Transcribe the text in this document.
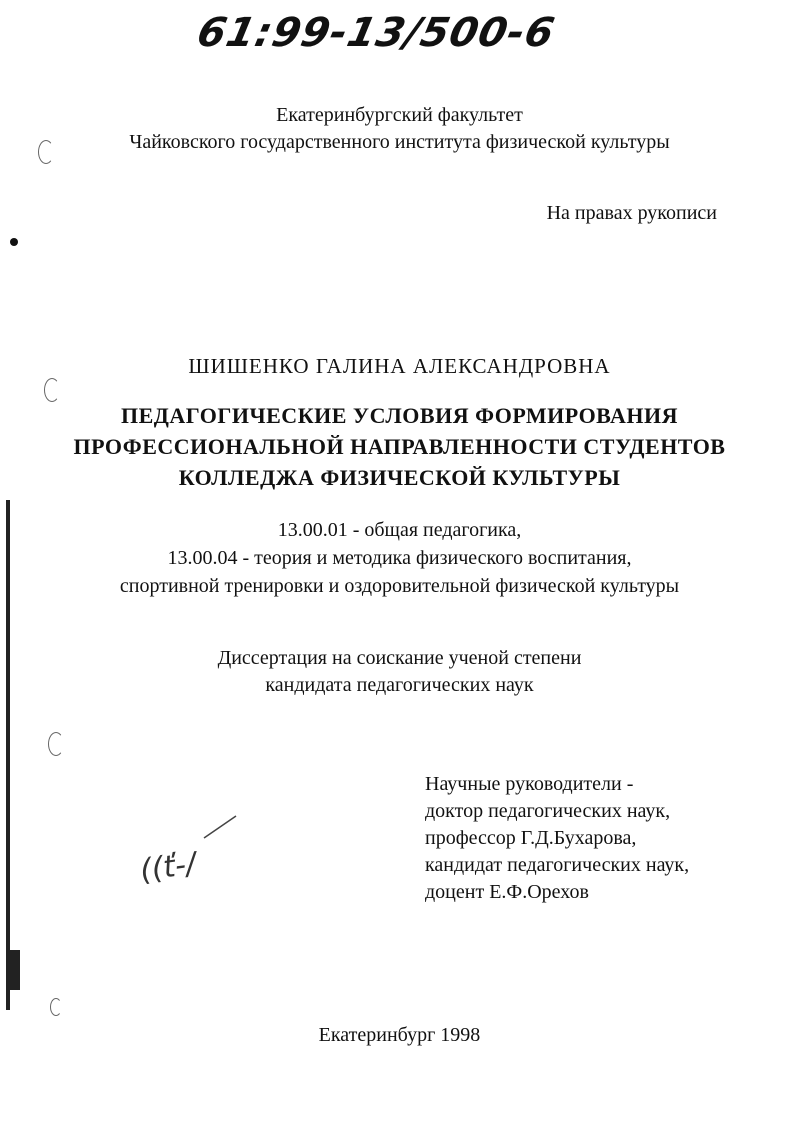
61:99-13/500-6
Екатеринбургский факультет
Чайковского государственного института физической культуры
На правах рукописи
ШИШЕНКО ГАЛИНА АЛЕКСАНДРОВНА
ПЕДАГОГИЧЕСКИЕ УСЛОВИЯ ФОРМИРОВАНИЯ
ПРОФЕССИОНАЛЬНОЙ НАПРАВЛЕННОСТИ СТУДЕНТОВ
КОЛЛЕДЖА ФИЗИЧЕСКОЙ КУЛЬТУРЫ
13.00.01 - общая педагогика,
13.00.04 - теория и методика физического воспитания,
спортивной тренировки и оздоровительной физической культуры
Диссертация на соискание ученой степени
кандидата педагогических наук
Научные руководители -
доктор педагогических наук,
профессор Г.Д.Бухарова,
кандидат педагогических наук,
доцент Е.Ф.Орехов
((ť-/
Екатеринбург 1998
